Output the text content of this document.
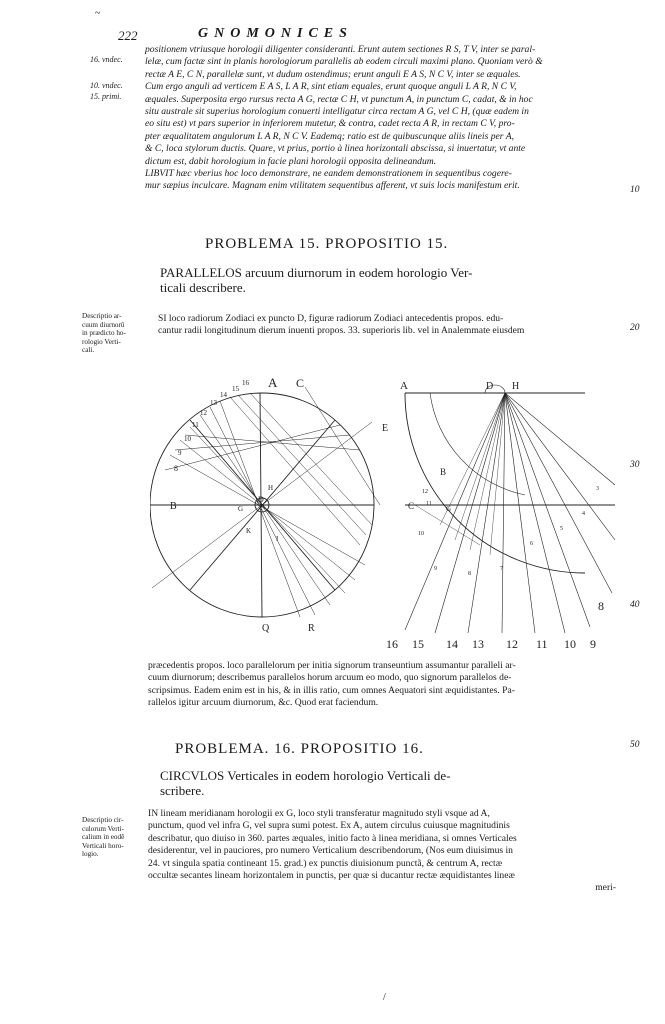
222	GNOMONICES
~
16. vndec.
10. vndec.
15. primi.

positionem vtriusque horologii diligenter consideranti. Erunt autem sectiones R S, T V, inter se paral-

lelæ, cum factæ sint in planis horologiorum parallelis ab eodem circuli maximi plano. Quoniam verò &

rectæ A E, C N, parallelæ sunt, vt dudum ostendimus; erunt anguli E A S, N C V, inter se æquales.

Cum ergo anguli ad verticem E A S, L A R, sint etiam equales, erunt quoque anguli L A R, N C V,

æquales. Superposita ergo rursus recta A G, rectæ C H, vt punctum A, in punctum C, cadat, & in hoc

situ australe sit superius horologium conuerti intelligatur circa rectam A G, vel C H, (quæ eadem in

eo situ est) vt pars superior in inferiorem mutetur, & contra, cadet recta A R, in rectam C V, pro-

pter æqualitatem angulorum L A R, N C V. Eademq; ratio est de quibuscunque aliis lineis per A,

& C, loca stylorum ductis. Quare, vt prius, portio à linea horizontali abscissa, si inuertatur, vt ante

dictum est, dabit horologium in facie plani horologii opposita delineandum.

LIBVIT hæc vberius hoc loco demonstrare, ne eandem demonstrationem in sequentibus cogere-

mur sæpius inculcare. Magnam enim vtilitatem sequentibus afferent, vt suis locis manifestum erit.	10
PROBLEMA 15. PROPOSITIO 15.
PARALLELOS arcuum diurnorum in eodem horologio Ver-
ticali describere.
Descriptio ar-
cuum diurnorũ
in prædicto ho-
rologio Verti-
cali.

SI loco radiorum Zodiaci ex puncto D, figuræ radiorum Zodiaci antecedentis propos. edu-

cantur radii longitudinum dierum inuenti propos. 33. superioris lib. vel in Analemmate eiusdem	20
A C
E
B
D
G
H
K
I
Q	R
16
15
14
13
12
11
10
9
8
A	D H
B
C	G
12
11
10
9
8
7
6
5
4
3
8
16 15 14 13 12 11 10 9
30
40

præcedentis propos. loco parallelorum per initia signorum transeuntium assumantur paralleli ar-

cuum diurnorum; describemus parallelos horum arcuum eo modo, quo signorum parallelos de-

scripsimus. Eadem enim est in his, & in illis ratio, cum omnes Aequatori sint æquidistantes. Pa-

rallelos igitur arcuum diurnorum, &c. Quod erat faciendum.

PROBLEMA. 16. PROPOSITIO 16.	50
CIRCVLOS Verticales in eodem horologio Verticali de-
scribere.
Descriptio cir-
culorum Verti-
calium in eodẽ
Verticali horo-
logio.

IN lineam meridianam horologii ex G, loco styli transferatur magnitudo styli vsque ad A,

punctum, quod vel infra G, vel supra sumi potest. Ex A, autem circulus cuiusque magnitudinis

describatur, quo diuiso in 360. partes æquales, initio facto à linea meridiana, si omnes Verticales

desiderentur, vel in pauciores, pro numero Verticalium describendorum, (Nos eum diuisimus in

24. vt singula spatia contineant 15. grad.) ex punctis diuisionum punctã, & centrum A, rectæ

occultæ secantes lineam horizontalem in punctis, per quæ si ducantur rectæ æquidistantes lineæ

meri-

/
